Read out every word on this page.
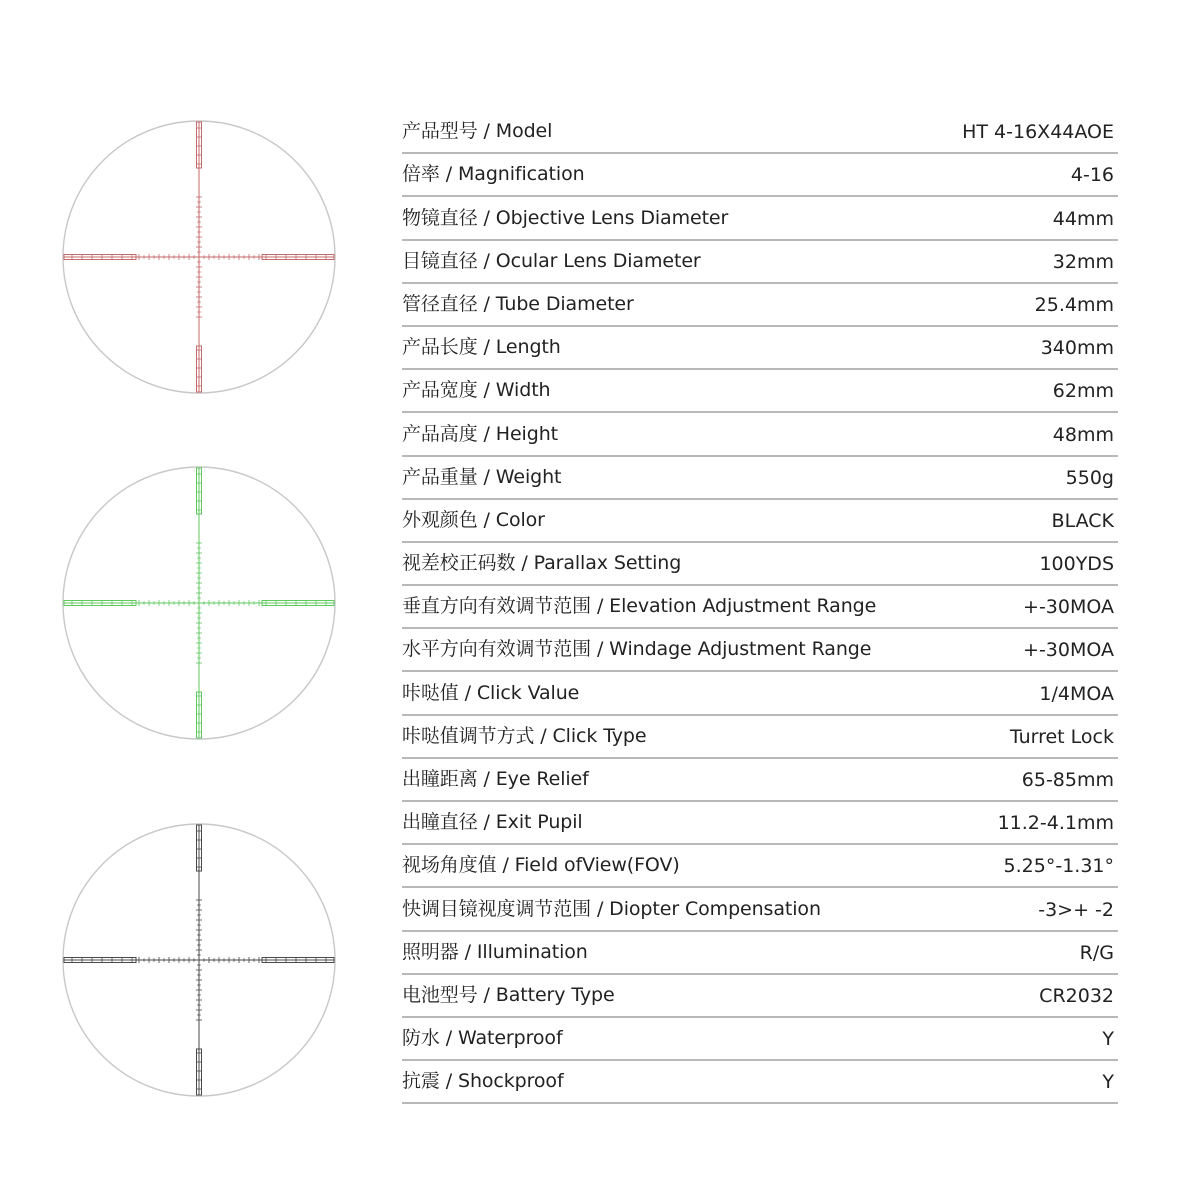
产品型号 / Model	HT 4-16X44AOE
倍率 / Magnification	4-16
物镜直径 / Objective Lens Diameter	44mm
目镜直径 / Ocular Lens Diameter	32mm
管径直径 / Tube Diameter	25.4mm
产品长度 / Length	340mm
产品宽度 / Width	62mm
产品高度 / Height	48mm
产品重量 / Weight	550g
外观颜色 / Color	BLACK
视差校正码数 / Parallax Setting	100YDS
垂直方向有效调节范围 / Elevation Adjustment Range	+-30MOA
水平方向有效调节范围 / Windage Adjustment Range	+-30MOA
咔哒值 / Click Value	1/4MOA
咔哒值调节方式 / Click Type	Turret Lock
出瞳距离 / Eye Relief	65-85mm
出瞳直径 / Exit Pupil	11.2-4.1mm
视场角度值 / Field ofView(FOV)	5.25°-1.31°
快调目镜视度调节范围 / Diopter Compensation	-3>+ -2
照明器 / Illumination	R/G
电池型号 / Battery Type	CR2032
防水 / Waterproof	Y
抗震 / Shockproof	Y
